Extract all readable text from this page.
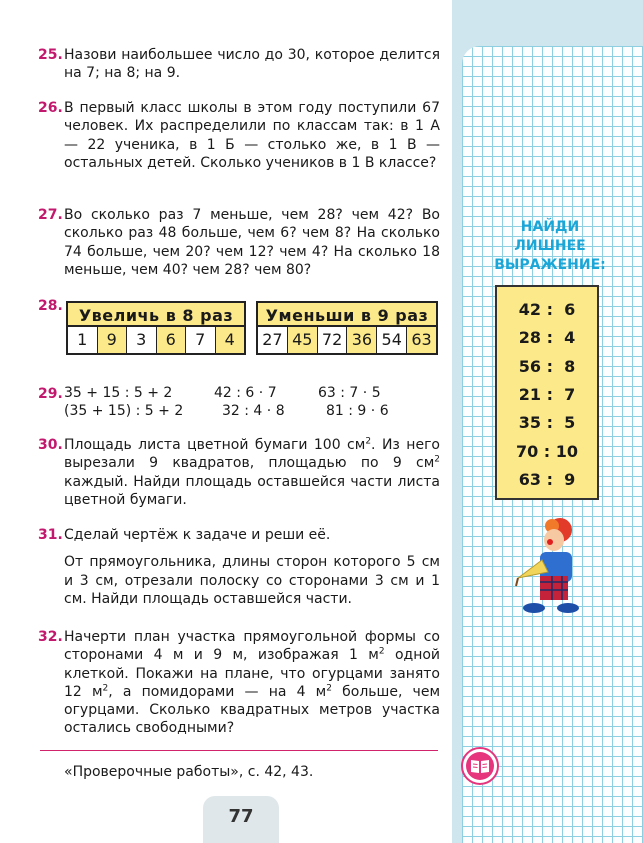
25. Назови наибольшее число до 30, которое делится на 7; на 8; на 9.

26. В первый класс школы в этом году поступили 67 человек. Их распределили по классам так: в 1 А — 22 ученика, в 1 Б — столько же, в 1 В — остальных детей. Сколько учеников в 1 В классе?

27. Во сколько раз 7 меньше, чем 28? чем 42? Во сколько раз 48 больше, чем 6? чем 8? На сколько 74 больше, чем 20? чем 12? чем 4? На сколько 18 меньше, чем 40? чем 28? чем 80?

28.	Увеличь в 8 раз
1	9	3	6	7	4
Уменьши в 9 раз
27 45 72 36 54 63
29. 35 + 15 : 5 + 2	42 : 6 · 7	63 : 7 · 5
(35 + 15) : 5 + 2	32 : 4 · 8	81 : 9 · 6
30. Площадь листа цветной бумаги 100 $см^2$. Из него вырезали 9 квадратов, площадью по 9 $см^2$ каждый. Найди площадь оставшейся части листа цветной бумаги.

31. Сделай чертёж к задаче и реши её.

От прямоугольника, длины сторон которого 5 см и 3 см, отрезали полоску со сторонами 3 см и 1 см. Найди площадь оставшейся части.

32. Начерти план участка прямоугольной формы со сторонами 4 м и 9 м, изображая 1 $м^2$ одной клеткой. Покажи на плане, что огурцами занято 12 $м^2$, а помидорами — на 4 $м^2$ больше, чем огурцами. Сколько квадратных метров участка остались свободными?

«Проверочные работы», с. 42, 43.
77
НАЙДИ
ЛИШНЕЕ
ВЫРАЖЕНИЕ:
42 :  6
28 :  4
56 :  8
21 :  7
35 :  5
70 : 10
63 :  9
